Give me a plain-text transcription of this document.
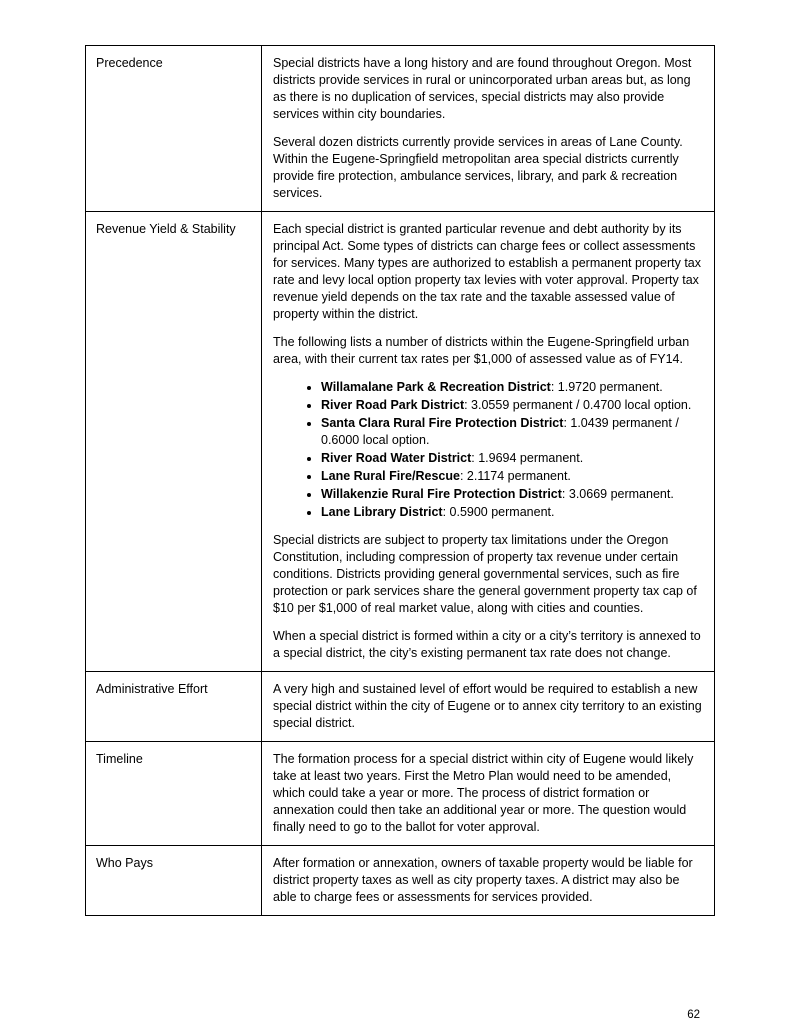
Precedence	Special districts have a long history and are found throughout Oregon. Most districts provide services in rural or unincorporated urban areas but, as long as there is no duplication of services, special districts may also provide services within city boundaries.

Several dozen districts currently provide services in areas of Lane County. Within the Eugene-Springfield metropolitan area special districts currently provide fire protection, ambulance services, library, and park & recreation services.

Revenue Yield & Stability	Each special district is granted particular revenue and debt authority by its principal Act. Some types of districts can charge fees or collect assessments for services. Many types are authorized to establish a permanent property tax rate and levy local option property tax levies with voter approval. Property tax revenue yield depends on the tax rate and the taxable assessed value of property within the district.

The following lists a number of districts within the Eugene-Springfield urban area, with their current tax rates per $1,000 of assessed value as of FY14.

• Willamalane Park & Recreation District: 1.9720 permanent.
• River Road Park District: 3.0559 permanent / 0.4700 local option.
• Santa Clara Rural Fire Protection District: 1.0439 permanent / 0.6000 local option.
• River Road Water District: 1.9694 permanent.
• Lane Rural Fire/Rescue: 2.1174 permanent.
• Willakenzie Rural Fire Protection District: 3.0669 permanent.
• Lane Library District: 0.5900 permanent.

Special districts are subject to property tax limitations under the Oregon Constitution, including compression of property tax revenue under certain conditions. Districts providing general governmental services, such as fire protection or park services share the general government property tax cap of $10 per $1,000 of real market value, along with cities and counties.

When a special district is formed within a city or a city’s territory is annexed to a special district, the city’s existing permanent tax rate does not change.

Administrative Effort	A very high and sustained level of effort would be required to establish a new special district within the city of Eugene or to annex city territory to an existing special district.

Timeline	The formation process for a special district within city of Eugene would likely take at least two years. First the Metro Plan would need to be amended, which could take a year or more. The process of district formation or annexation could then take an additional year or more. The question would finally need to go to the ballot for voter approval.

Who Pays	After formation or annexation, owners of taxable property would be liable for district property taxes as well as city property taxes. A district may also be able to charge fees or assessments for services provided.

62
